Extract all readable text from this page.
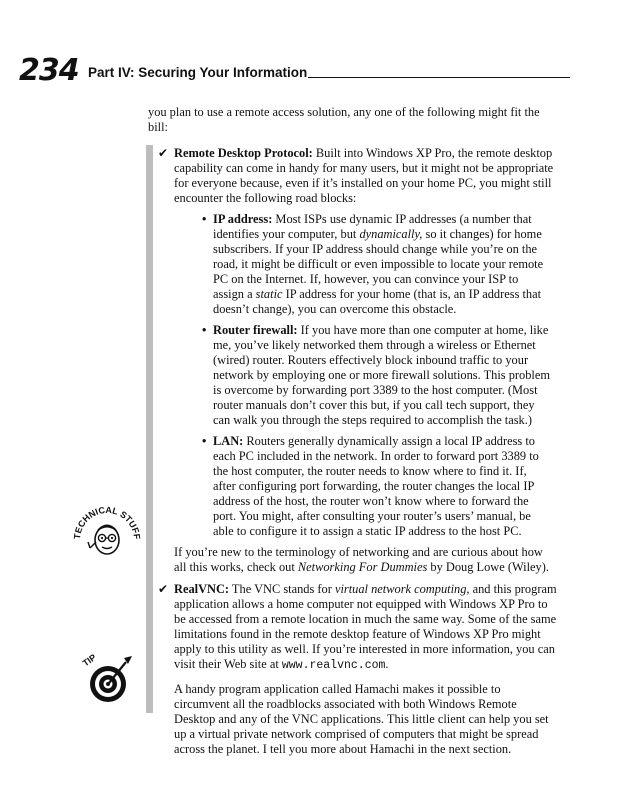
234 Part IV: Securing Your Information

you plan to use a remote access solution, any one of the following might fit the bill:

✔ Remote Desktop Protocol: Built into Windows XP Pro, the remote desktop capability can come in handy for many users, but it might not be appropriate for everyone because, even if it’s installed on your home PC, you might still encounter the following road blocks:

• IP address: Most ISPs use dynamic IP addresses (a number that identifies your computer, but dynamically, so it changes) for home subscribers. If your IP address should change while you’re on the road, it might be difficult or even impossible to locate your remote PC on the Internet. If, however, you can convince your ISP to assign a static IP address for your home (that is, an IP address that doesn’t change), you can overcome this obstacle.
• Router firewall: If you have more than one computer at home, like me, you’ve likely networked them through a wireless or Ethernet (wired) router. Routers effectively block inbound traffic to your network by employing one or more firewall solutions. This problem is overcome by forwarding port 3389 to the host computer. (Most router manuals don’t cover this but, if you call tech support, they can walk you through the steps required to accomplish the task.)
• LAN: Routers generally dynamically assign a local IP address to each PC included in the network. In order to forward port 3389 to the host computer, the router needs to know where to find it. If, after configuring port forwarding, the router changes the local IP address of the host, the router won’t know where to forward the port. You might, after consulting your router’s users’ manual, be able to configure it to assign a static IP address to the host PC.

If you’re new to the terminology of networking and are curious about how all this works, check out Networking For Dummies by Doug Lowe (Wiley).

✔ RealVNC: The VNC stands for virtual network computing, and this program application allows a home computer not equipped with Windows XP Pro to be accessed from a remote location in much the same way. Some of the same limitations found in the remote desktop feature of Windows XP Pro might apply to this utility as well. If you’re interested in more information, you can visit their Web site at www.realvnc.com.

A handy program application called Hamachi makes it possible to circumvent all the roadblocks associated with both Windows Remote Desktop and any of the VNC applications. This little client can help you set up a virtual private network comprised of computers that might be spread across the planet. I tell you more about Hamachi in the next section.

TECHNICAL STUFF
TIP
